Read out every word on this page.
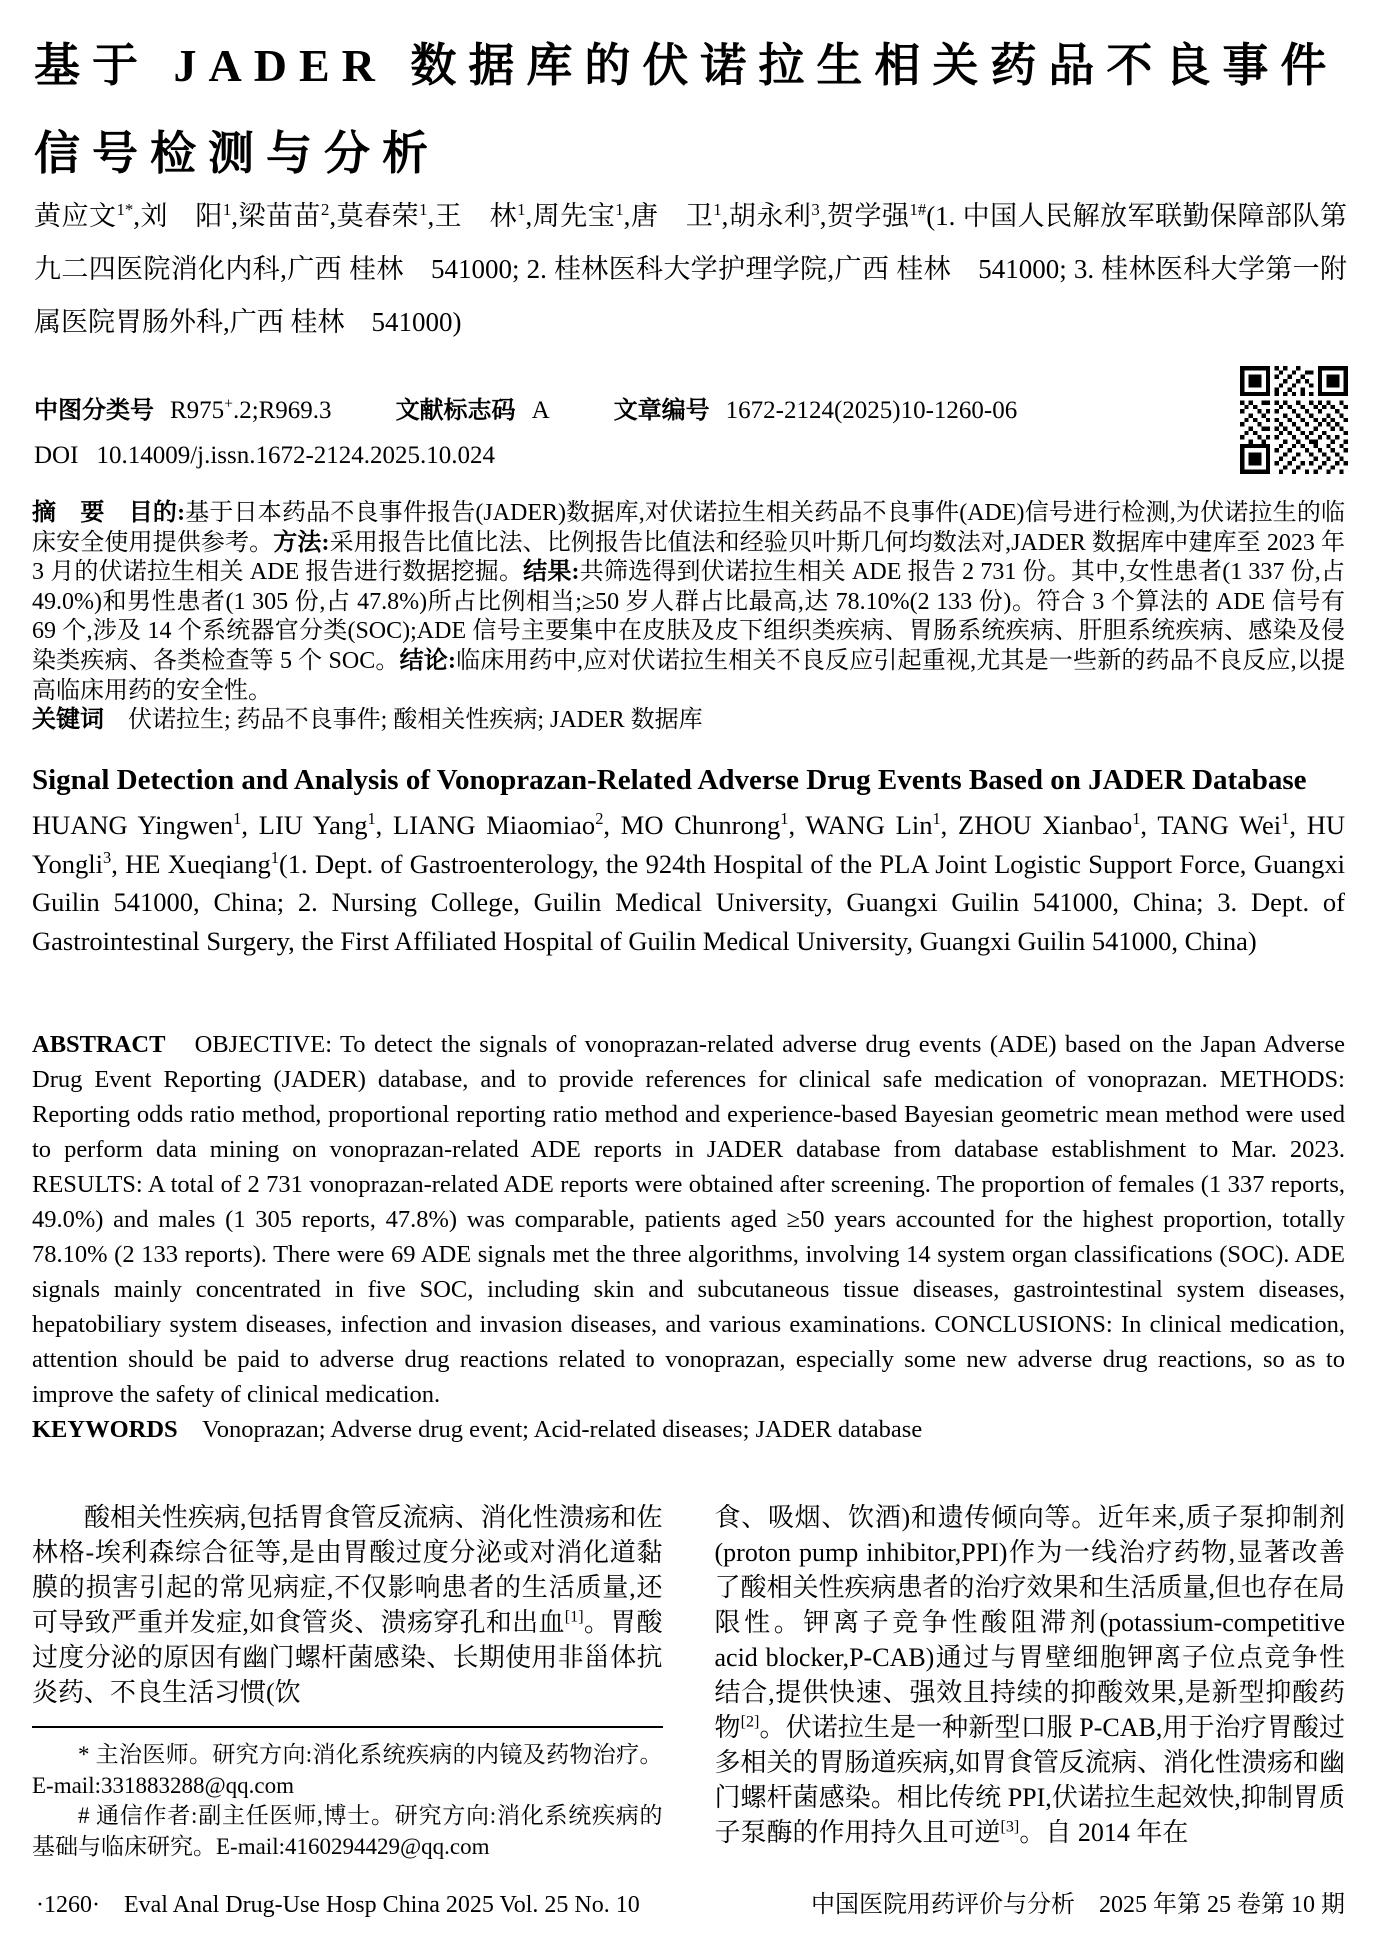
基于 JADER 数据库的伏诺拉生相关药品不良事件
信号检测与分析

黄应文$^{1*}$,刘　阳$^1$,梁苗苗$^2$,莫春荣$^1$,王　林$^1$,周先宝$^1$,唐　卫$^1$,胡永利$^3$,贺学强$^{1\#}$(1. 中国人民解放军联勤保障部队第九二四医院消化内科,广西 桂林　541000; 2. 桂林医科大学护理学院,广西 桂林　541000; 3. 桂林医科大学第一附属医院胃肠外科,广西 桂林　541000)

中图分类号 R975+.2;R969.3	文献标志码 A	文章编号 1672-2124(2025)10-1260-06
DOI 10.14009/j.issn.1672-2124.2025.10.024

摘　要　 目的:基于日本药品不良事件报告(JADER)数据库,对伏诺拉生相关药品不良事件(ADE)信号进行检测,为伏诺拉生的临床安全使用提供参考。方法:采用报告比值比法、比例报告比值法和经验贝叶斯几何均数法对,JADER 数据库中建库至 2023 年 3 月的伏诺拉生相关 ADE 报告进行数据挖掘。结果:共筛选得到伏诺拉生相关 ADE 报告 2 731 份。其中,女性患者(1 337 份,占 49.0%)和男性患者(1 305 份,占 47.8%)所占比例相当;≥50 岁人群占比最高,达 78.10%(2 133 份)。符合 3 个算法的 ADE 信号有 69 个,涉及 14 个系统器官分类(SOC);ADE 信号主要集中在皮肤及皮下组织类疾病、胃肠系统疾病、肝胆系统疾病、感染及侵染类疾病、各类检查等 5 个 SOC。结论:临床用药中,应对伏诺拉生相关不良反应引起重视,尤其是一些新的药品不良反应,以提高临床用药的安全性。

关键词　伏诺拉生; 药品不良事件; 酸相关性疾病; JADER 数据库

Signal Detection and Analysis of Vonoprazan-Related Adverse Drug Events Based on JADER Database

HUANG Yingwen$^1$, LIU Yang$^1$, LIANG Miaomiao$^2$, MO Chunrong$^1$, WANG Lin$^1$, ZHOU Xianbao$^1$, TANG Wei$^1$, HU Yongli$^3$, HE Xueqiang$^1$(1. Dept. of Gastroenterology, the 924th Hospital of the PLA Joint Logistic Support Force, Guangxi Guilin 541000, China; 2. Nursing College, Guilin Medical University, Guangxi Guilin 541000, China; 3. Dept. of Gastrointestinal Surgery, the First Affiliated Hospital of Guilin Medical University, Guangxi Guilin 541000, China)

ABSTRACT　OBJECTIVE: To detect the signals of vonoprazan-related adverse drug events (ADE) based on the Japan Adverse Drug Event Reporting (JADER) database, and to provide references for clinical safe medication of vonoprazan. METHODS: Reporting odds ratio method, proportional reporting ratio method and experience-based Bayesian geometric mean method were used to perform data mining on vonoprazan-related ADE reports in JADER database from database establishment to Mar. 2023. RESULTS: A total of 2 731 vonoprazan-related ADE reports were obtained after screening. The proportion of females (1 337 reports, 49.0%) and males (1 305 reports, 47.8%) was comparable, patients aged ≥50 years accounted for the highest proportion, totally 78.10% (2 133 reports). There were 69 ADE signals met the three algorithms, involving 14 system organ classifications (SOC). ADE signals mainly concentrated in five SOC, including skin and subcutaneous tissue diseases, gastrointestinal system diseases, hepatobiliary system diseases, infection and invasion diseases, and various examinations. CONCLUSIONS: In clinical medication, attention should be paid to adverse drug reactions related to vonoprazan, especially some new adverse drug reactions, so as to improve the safety of clinical medication.

KEYWORDS　Vonoprazan; Adverse drug event; Acid-related diseases; JADER database

酸相关性疾病,包括胃食管反流病、消化性溃疡和佐林格-埃利森综合征等,是由胃酸过度分泌或对消化道黏膜的损害引起的常见病症,不仅影响患者的生活质量,还可导致严重并发症,如食管炎、溃疡穿孔和出血[1]。胃酸过度分泌的原因有幽门螺杆菌感染、长期使用非甾体抗炎药、不良生活习惯(饮

* 主治医师。研究方向:消化系统疾病的内镜及药物治疗。E-mail:331883288@qq.com

# 通信作者:副主任医师,博士。研究方向:消化系统疾病的基础与临床研究。E-mail:4160294429@qq.com

食、吸烟、饮酒)和遗传倾向等。近年来,质子泵抑制剂(proton pump inhibitor,PPI)作为一线治疗药物,显著改善了酸相关性疾病患者的治疗效果和生活质量,但也存在局限性。钾离子竞争性酸阻滞剂(potassium-competitive acid blocker,P-CAB)通过与胃壁细胞钾离子位点竞争性结合,提供快速、强效且持续的抑酸效果,是新型抑酸药物[2]。伏诺拉生是一种新型口服 P-CAB,用于治疗胃酸过多相关的胃肠道疾病,如胃食管反流病、消化性溃疡和幽门螺杆菌感染。相比传统 PPI,伏诺拉生起效快,抑制胃质子泵酶的作用持久且可逆[3]。自 2014 年在

·1260·　Eval Anal Drug-Use Hosp China 2025 Vol. 25 No. 10	中国医院用药评价与分析　2025 年第 25 卷第 10 期
